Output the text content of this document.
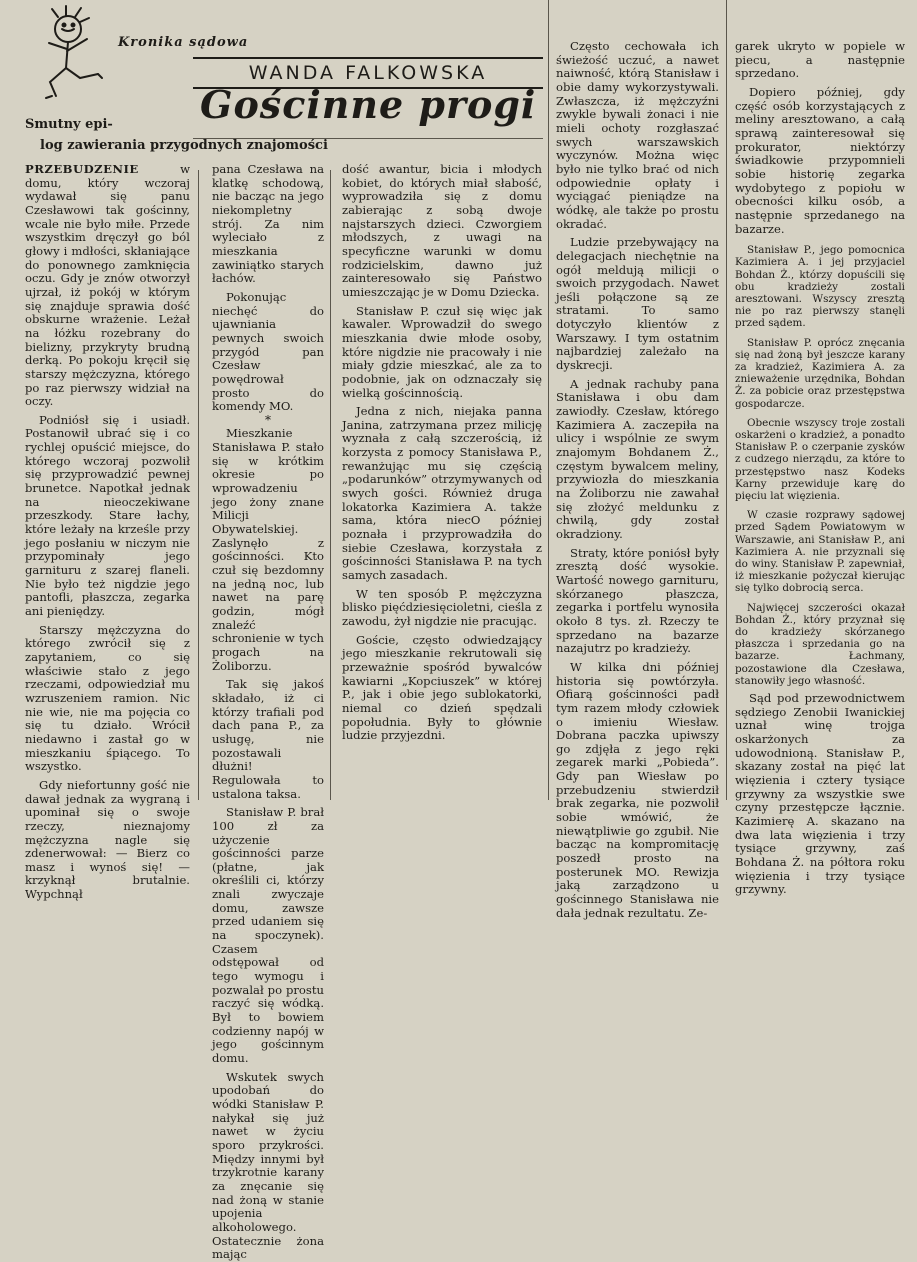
Kronika sądowa
WANDA FALKOWSKA
Gościnne progi
Smutny epi-
log zawierania przygodnych znajomości

PRZEBUDZENIE w domu, który wczoraj wydawał się panu Czesławowi tak gościnny, wcale nie było miłe. Przede wszystkim dręczył go ból głowy i mdłości, skłaniające do ponownego zamknięcia oczu. Gdy je znów otworzył ujrzał, iż pokój w którym się znajduje sprawia dość obskurne wrażenie. Leżał na łóżku rozebrany do bielizny, przykryty brudną derką. Po pokoju kręcił się starszy mężczyzna, którego po raz pierwszy widział na oczy.

Podniósł się i usiadł. Postanowił ubrać się i co rychlej opuścić miejsce, do którego wczoraj pozwolił się przyprowadzić pewnej brunetce. Napotkał jednak na nieoczekiwane przeszkody. Stare łachy, które leżały na krześle przy jego posłaniu w niczym nie przypominały jego garnituru z szarej flaneli. Nie było też nigdzie jego pantofli, płaszcza, zegarka ani pieniędzy.

Starszy mężczyzna do którego zwrócił się z zapytaniem, co się właściwie stało z jego rzeczami, odpowiedział mu wzruszeniem ramion. Nic nie wie, nie ma pojęcia co się tu działo. Wrócił niedawno i zastał go w mieszkaniu śpiącego. To wszystko.

Gdy niefortunny gość nie dawał jednak za wygraną i upominał się o swoje rzeczy, nieznajomy mężczyzna nagle się zdenerwował: — Bierz co masz i wynoś się! — krzyknął brutalnie. Wypchnął

pana Czesława na klatkę schodową, nie bacząc na jego niekompletny strój. Za nim wyleciało z mieszkania zawiniątko starych łachów.

Pokonując niechęć do ujawniania pewnych swoich przygód pan Czesław powędrował prosto do komendy MO.

*

Mieszkanie Stanisława P. stało się w krótkim okresie po wprowadzeniu jego żony znane Milicji Obywatelskiej. Zaslynęło z gościnności. Kto czuł się bezdomny na jedną noc, lub nawet na parę godzin, mógł znaleźć schronienie w tych progach na Żoliborzu.

Tak się jakoś składało, iż ci którzy trafiali pod dach pana P., za usługę, nie pozostawali dłużni! Regulowała to ustalona taksa.

Stanisław P. brał 100 zł za użyczenie gościnności parze (płatne, jak określili ci, którzy znali zwyczaje domu, zawsze przed udaniem się na spoczynek). Czasem odstępował od tego wymogu i pozwalał po prostu raczyć się wódką. Był to bowiem codzienny napój w jego gościnnym domu.

Wskutek swych upodobań do wódki Stanisław P. nałykał się już nawet w życiu sporo przykrości. Między innymi był trzykrotnie karany za znęcanie się nad żoną w stanie upojenia alkoholowego. Ostatecznie żona mając

dość awantur, bicia i młodych kobiet, do których miał słabość, wyprowadziła się z domu zabierając z sobą dwoje najstarszych dzieci. Czworgiem młodszych, z uwagi na specyficzne warunki w domu rodzicielskim, dawno już zainteresowało się Państwo umieszczając je w Domu Dziecka.

Stanisław P. czuł się więc jak kawaler. Wprowadził do swego mieszkania dwie młode osoby, które nigdzie nie pracowały i nie miały gdzie mieszkać, ale za to podobnie, jak on odznaczały się wielką gościnnością.

Jedna z nich, niejaka panna Janina, zatrzymana przez milicję wyznała z całą szczerością, iż korzysta z pomocy Stanisława P., rewanżując mu się częścią „podarunków” otrzymywanych od swych gości. Również druga lokatorka Kazimiera A. także sama, która niecO później poznała i przyprowadziła do siebie Czesława, korzystała z gościnności Stanisława P. na tych samych zasadach.

W ten sposób P. mężczyzna blisko pięćdziesięcioletni, cieśla z zawodu, żył nigdzie nie pracując.

Goście, często odwiedzający jego mieszkanie rekrutowali się przeważnie spośród bywalców kawiarni „Kopciuszek” w której P., jak i obie jego sublokatorki, niemal co dzień spędzali popołudnia. Były to głównie ludzie przyjezdni.

Często cechowała ich świeżość uczuć, a nawet naiwność, którą Stanisław i obie damy wykorzystywali. Zwłaszcza, iż mężczyźni zwykle bywali żonaci i nie mieli ochoty rozgłaszać swych warszawskich wyczynów. Można więc było nie tylko brać od nich odpowiednie opłaty i wyciągać pieniądze na wódkę, ale także po prostu okradać.

Ludzie przebywający na delegacjach niechętnie na ogół meldują milicji o swoich przygodach. Nawet jeśli połączone są ze stratami. To samo dotyczyło klientów z Warszawy. I tym ostatnim najbardziej zależało na dyskrecji.

A jednak rachuby pana Stanisława i obu dam zawiodły. Czesław, którego Kazimiera A. zaczepiła na ulicy i wspólnie ze swym znajomym Bohdanem Ż., częstym bywalcem meliny, przywiozła do mieszkania na Żoliborzu nie zawahał się złożyć meldunku z chwilą, gdy został okradziony.

Straty, które poniósł były zresztą dość wysokie. Wartość nowego garnituru, skórzanego płaszcza, zegarka i portfelu wynosiła około 8 tys. zł. Rzeczy te sprzedano na bazarze nazajutrz po kradzieży.

W kilka dni później historia się powtórzyła. Ofiarą gościnności padł tym razem młody człowiek o imieniu Wiesław. Dobrana paczka upiwszy go zdjęła z jego ręki zegarek marki „Pobieda”. Gdy pan Wiesław po przebudzeniu stwierdził brak zegarka, nie pozwolił sobie wmówić, że niewątpliwie go zgubił. Nie bacząc na kompromitację poszedł prosto na posterunek MO. Rewizja jaką zarządzono u gościnnego Stanisława nie dała jednak rezultatu. Ze-

garek ukryto w popiele w piecu, a następnie sprzedano.

Dopiero później, gdy część osób korzystających z meliny aresztowano, a całą sprawą zainteresował się prokurator, niektórzy świadkowie przypomnieli sobie historię zegarka wydobytego z popiołu w obecności kilku osób, a następnie sprzedanego na bazarze.

Stanisław P., jego pomocnica Kazimiera A. i jej przyjaciel Bohdan Ż., którzy dopuścili się obu kradzieży zostali aresztowani. Wszyscy zresztą nie po raz pierwszy stanęli przed sądem.

Stanisław P. oprócz znęcania się nad żoną był jeszcze karany za kradzież, Kazimiera A. za znieważenie urzędnika, Bohdan Ż. za pobicie oraz przestępstwa gospodarcze.

Obecnie wszyscy troje zostali oskarżeni o kradzież, a ponadto Stanisław P. o czerpanie zysków z cudzego nierządu, za które to przestępstwo nasz Kodeks Karny przewiduje karę do pięciu lat więzienia.

W czasie rozprawy sądowej przed Sądem Powiatowym w Warszawie, ani Stanisław P., ani Kazimiera A. nie przyznali się do winy. Stanisław P. zapewniał, iż mieszkanie pożyczał kierując się tylko dobrocią serca.

Najwięcej szczerości okazał Bohdan Ż., który przyznał się do kradzieży skórzanego płaszcza i sprzedania go na bazarze. Łachmany, pozostawione dla Czesława, stanowiły jego własność.

Sąd pod przewodnictwem sędziego Zenobii Iwanickiej uznał winę trojga oskarżonych za udowodnioną. Stanisław P., skazany został na pięć lat więzienia i cztery tysiące grzywny za wszystkie swe czyny przestępcze łącznie. Kazimierę A. skazano na dwa lata więzienia i trzy tysiące grzywny, zaś Bohdana Ż. na półtora roku więzienia i trzy tysiące grzywny.
